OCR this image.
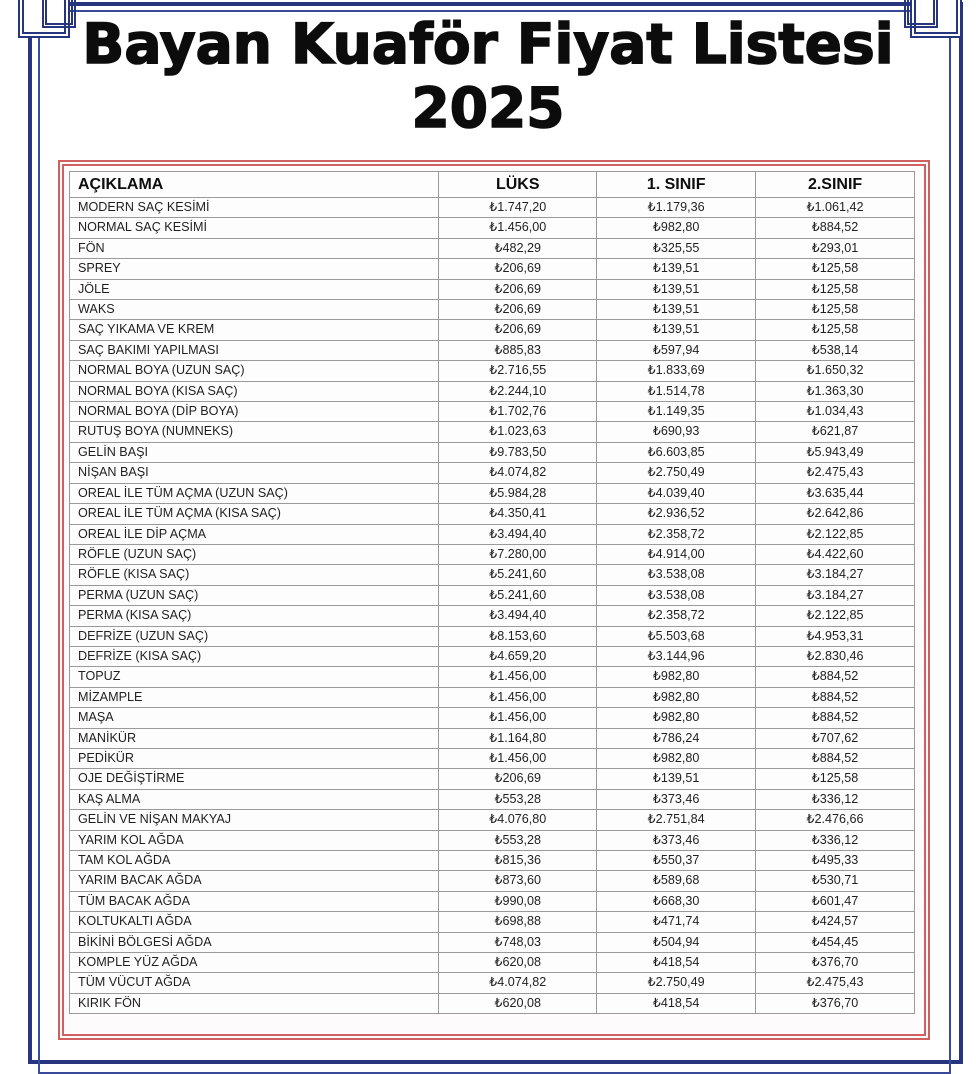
Bayan Kuaför Fiyat Listesi
2025
AÇIKLAMA	LÜKS	1. SINIF	2.SINIF
MODERN SAÇ KESİMİ	₺1.747,20	₺1.179,36	₺1.061,42
NORMAL SAÇ KESİMİ	₺1.456,00	₺982,80	₺884,52
FÖN	₺482,29	₺325,55	₺293,01
SPREY	₺206,69	₺139,51	₺125,58
JÖLE	₺206,69	₺139,51	₺125,58
WAKS	₺206,69	₺139,51	₺125,58
SAÇ YIKAMA VE KREM	₺206,69	₺139,51	₺125,58
SAÇ BAKIMI YAPILMASI	₺885,83	₺597,94	₺538,14
NORMAL BOYA (UZUN SAÇ)	₺2.716,55	₺1.833,69	₺1.650,32
NORMAL BOYA (KISA SAÇ)	₺2.244,10	₺1.514,78	₺1.363,30
NORMAL BOYA (DİP BOYA)	₺1.702,76	₺1.149,35	₺1.034,43
RUTUŞ BOYA (NUMNEKS)	₺1.023,63	₺690,93	₺621,87
GELİN BAŞI	₺9.783,50	₺6.603,85	₺5.943,49
NİŞAN BAŞI	₺4.074,82	₺2.750,49	₺2.475,43
OREAL İLE TÜM AÇMA (UZUN SAÇ)	₺5.984,28	₺4.039,40	₺3.635,44
OREAL İLE TÜM AÇMA (KISA SAÇ)	₺4.350,41	₺2.936,52	₺2.642,86
OREAL İLE DİP AÇMA	₺3.494,40	₺2.358,72	₺2.122,85
RÖFLE (UZUN SAÇ)	₺7.280,00	₺4.914,00	₺4.422,60
RÖFLE (KISA SAÇ)	₺5.241,60	₺3.538,08	₺3.184,27
PERMA (UZUN SAÇ)	₺5.241,60	₺3.538,08	₺3.184,27
PERMA (KISA SAÇ)	₺3.494,40	₺2.358,72	₺2.122,85
DEFRİZE (UZUN SAÇ)	₺8.153,60	₺5.503,68	₺4.953,31
DEFRİZE (KISA SAÇ)	₺4.659,20	₺3.144,96	₺2.830,46
TOPUZ	₺1.456,00	₺982,80	₺884,52
MİZAMPLE	₺1.456,00	₺982,80	₺884,52
MAŞA	₺1.456,00	₺982,80	₺884,52
MANİKÜR	₺1.164,80	₺786,24	₺707,62
PEDİKÜR	₺1.456,00	₺982,80	₺884,52
OJE DEĞİŞTİRME	₺206,69	₺139,51	₺125,58
KAŞ ALMA	₺553,28	₺373,46	₺336,12
GELİN VE NİŞAN MAKYAJ	₺4.076,80	₺2.751,84	₺2.476,66
YARIM KOL AĞDA	₺553,28	₺373,46	₺336,12
TAM KOL AĞDA	₺815,36	₺550,37	₺495,33
YARIM BACAK AĞDA	₺873,60	₺589,68	₺530,71
TÜM BACAK AĞDA	₺990,08	₺668,30	₺601,47
KOLTUKALTI AĞDA	₺698,88	₺471,74	₺424,57
BİKİNİ BÖLGESİ AĞDA	₺748,03	₺504,94	₺454,45
KOMPLE YÜZ AĞDA	₺620,08	₺418,54	₺376,70
TÜM VÜCUT AĞDA	₺4.074,82	₺2.750,49	₺2.475,43
KIRIK FÖN	₺620,08	₺418,54	₺376,70
